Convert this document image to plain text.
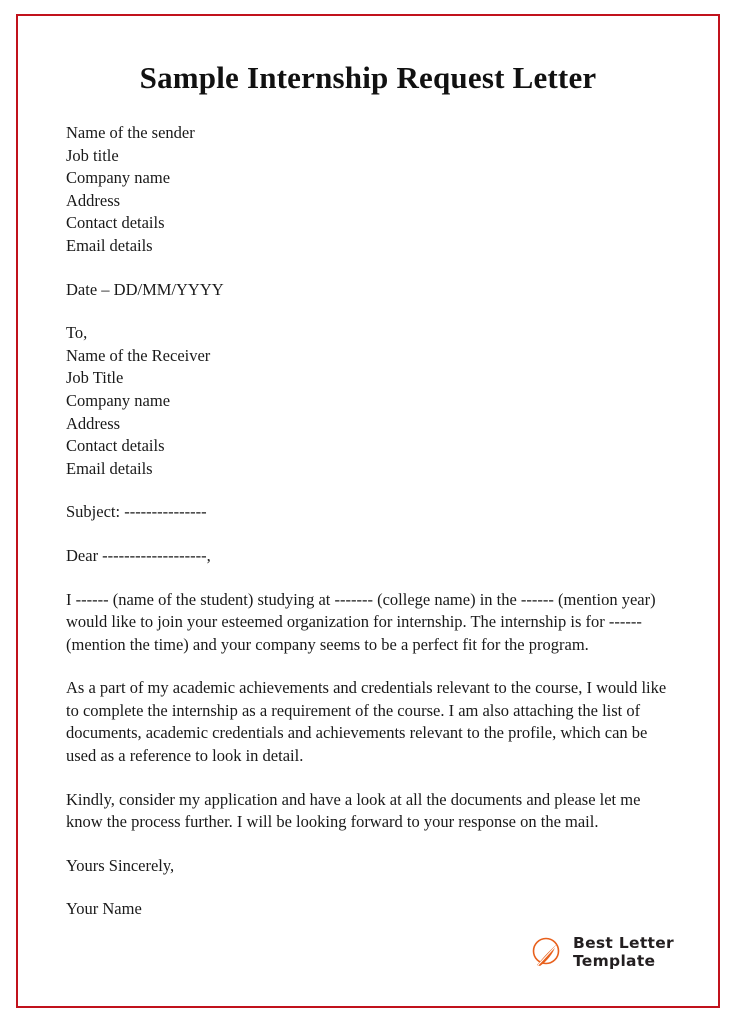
Sample Internship Request Letter
Name of the sender
Job title
Company name
Address
Contact details
Email details
Date – DD/MM/YYYY
To,
Name of the Receiver
Job Title
Company name
Address
Contact details
Email details
Subject: ---------------
Dear -------------------,

I ------ (name of the student) studying at ------- (college name) in the ------ (mention year) would like to join your esteemed organization for internship. The internship is for ------ (mention the time) and your company seems to be a perfect fit for the program.

As a part of my academic achievements and credentials relevant to the course, I would like to complete the internship as a requirement of the course. I am also attaching the list of documents, academic credentials and achievements relevant to the profile, which can be used as a reference to look in detail.

Kindly, consider my application and have a look at all the documents and please let me know the process further. I will be looking forward to your response on the mail.

Yours Sincerely,
Your Name
Best Letter
Template
